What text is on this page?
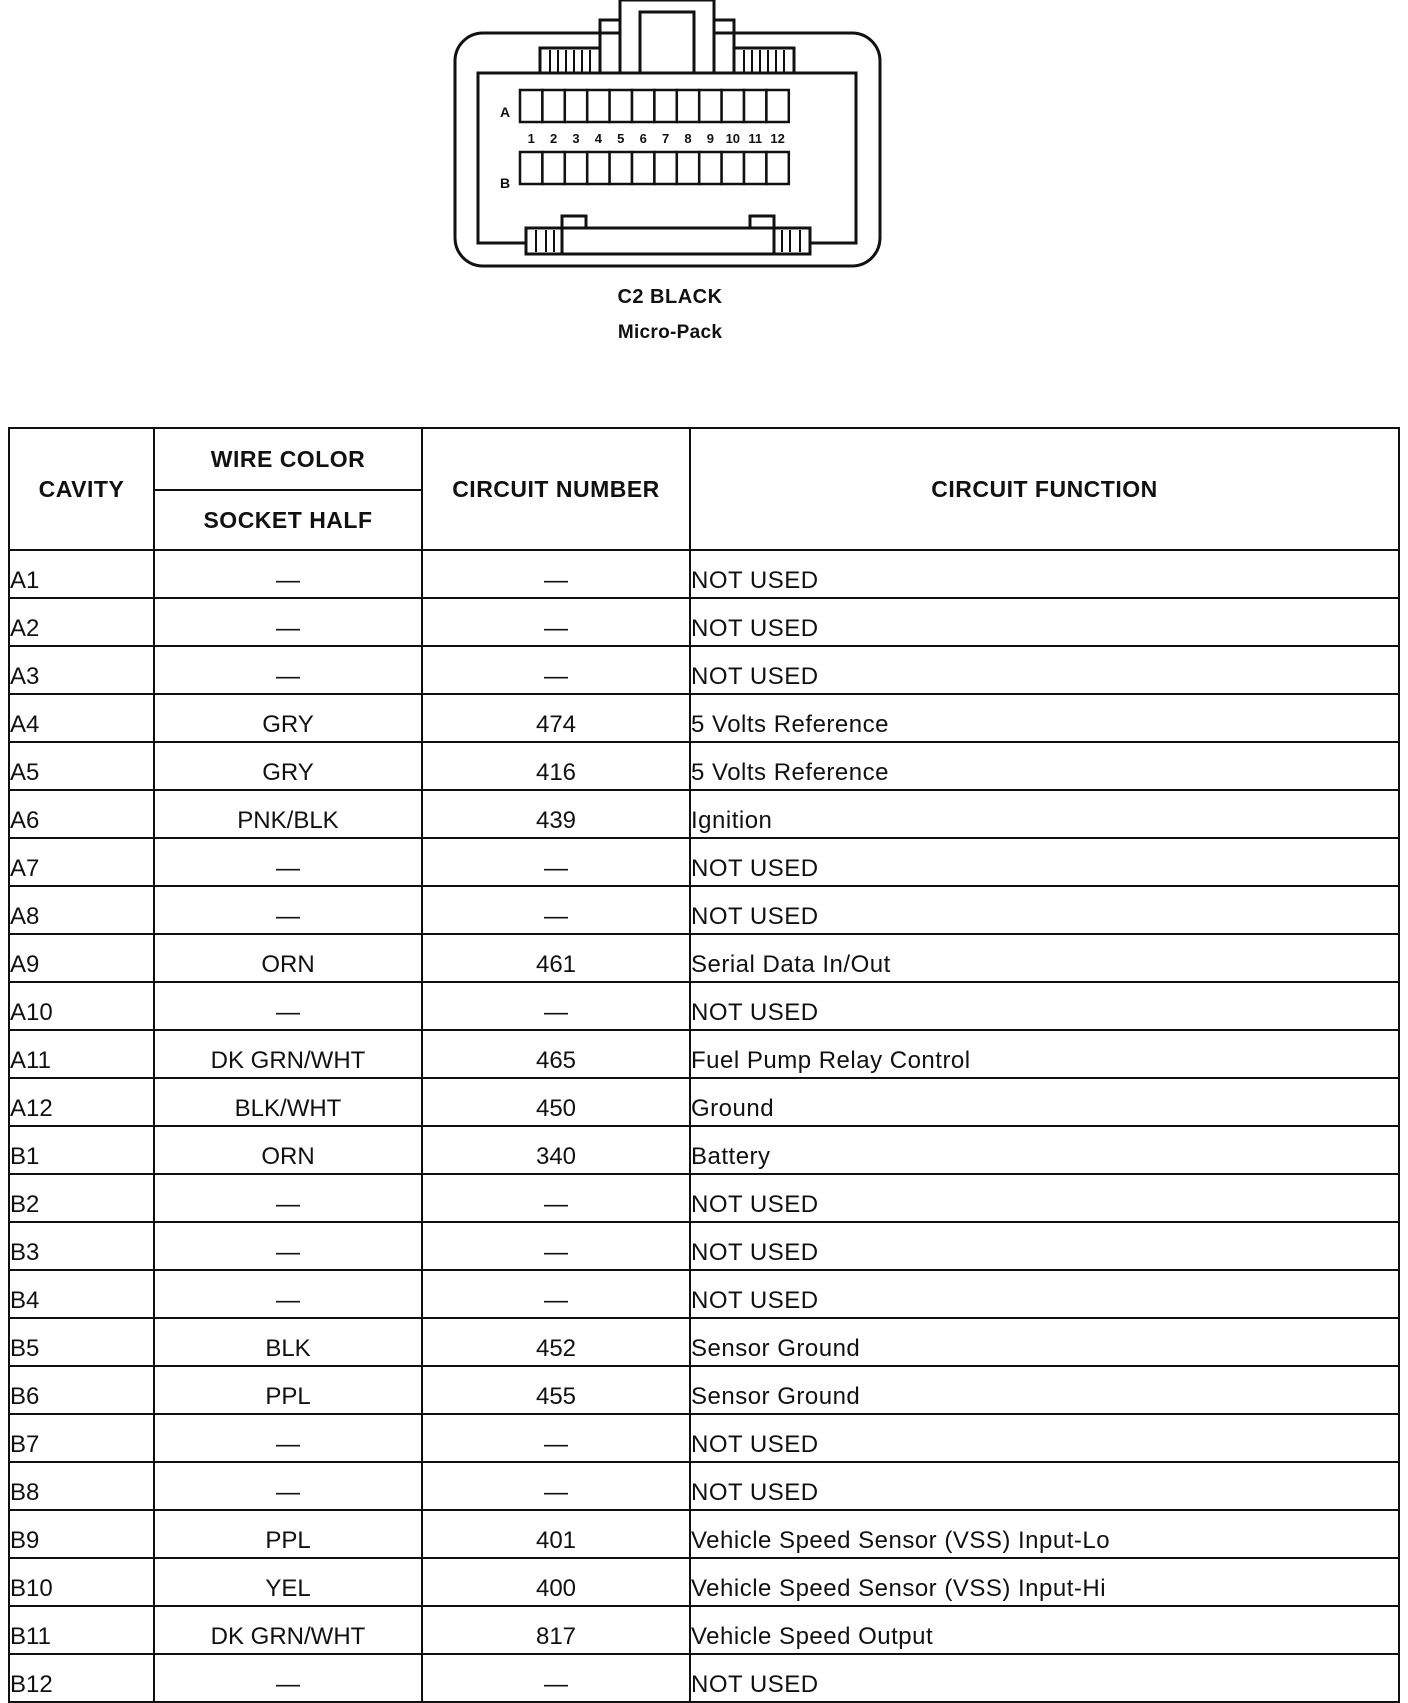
A
B
1 2 3 4 5 6 7 8 9 10 11 12
C2 BLACK
Micro-Pack
CAVITY	WIRE COLOR	CIRCUIT NUMBER	CIRCUIT FUNCTION
	SOCKET HALF		
A1	—	—	NOT USED
A2	—	—	NOT USED
A3	—	—	NOT USED
A4	GRY	474	5 Volts Reference
A5	GRY	416	5 Volts Reference
A6	PNK/BLK	439	Ignition
A7	—	—	NOT USED
A8	—	—	NOT USED
A9	ORN	461	Serial Data In/Out
A10	—	—	NOT USED
A11	DK GRN/WHT	465	Fuel Pump Relay Control
A12	BLK/WHT	450	Ground
B1	ORN	340	Battery
B2	—	—	NOT USED
B3	—	—	NOT USED
B4	—	—	NOT USED
B5	BLK	452	Sensor Ground
B6	PPL	455	Sensor Ground
B7	—	—	NOT USED
B8	—	—	NOT USED
B9	PPL	401	Vehicle Speed Sensor (VSS) Input-Lo
B10	YEL	400	Vehicle Speed Sensor (VSS) Input-Hi
B11	DK GRN/WHT	817	Vehicle Speed Output
B12	—	—	NOT USED
